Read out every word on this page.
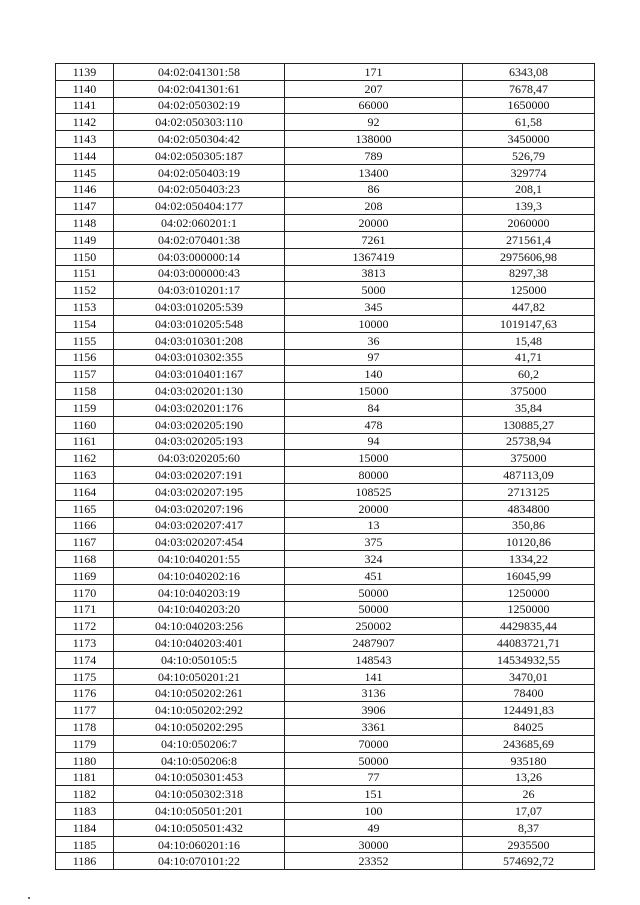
1139	04:02:041301:58	171	6343,08
1140	04:02:041301:61	207	7678,47
1141	04:02:050302:19	66000	1650000
1142	04:02:050303:110	92	61,58
1143	04:02:050304:42	138000	3450000
1144	04:02:050305:187	789	526,79
1145	04:02:050403:19	13400	329774
1146	04:02:050403:23	86	208,1
1147	04:02:050404:177	208	139,3
1148	04:02:060201:1	20000	2060000
1149	04:02:070401:38	7261	271561,4
1150	04:03:000000:14	1367419	2975606,98
1151	04:03:000000:43	3813	8297,38
1152	04:03:010201:17	5000	125000
1153	04:03:010205:539	345	447,82
1154	04:03:010205:548	10000	1019147,63
1155	04:03:010301:208	36	15,48
1156	04:03:010302:355	97	41,71
1157	04:03:010401:167	140	60,2
1158	04:03:020201:130	15000	375000
1159	04:03:020201:176	84	35,84
1160	04:03:020205:190	478	130885,27
1161	04:03:020205:193	94	25738,94
1162	04:03:020205:60	15000	375000
1163	04:03:020207:191	80000	487113,09
1164	04:03:020207:195	108525	2713125
1165	04:03:020207:196	20000	4834800
1166	04:03:020207:417	13	350,86
1167	04:03:020207:454	375	10120,86
1168	04:10:040201:55	324	1334,22
1169	04:10:040202:16	451	16045,99
1170	04:10:040203:19	50000	1250000
1171	04:10:040203:20	50000	1250000
1172	04:10:040203:256	250002	4429835,44
1173	04:10:040203:401	2487907	44083721,71
1174	04:10:050105:5	148543	14534932,55
1175	04:10:050201:21	141	3470,01
1176	04:10:050202:261	3136	78400
1177	04:10:050202:292	3906	124491,83
1178	04:10:050202:295	3361	84025
1179	04:10:050206:7	70000	243685,69
1180	04:10:050206:8	50000	935180
1181	04:10:050301:453	77	13,26
1182	04:10:050302:318	151	26
1183	04:10:050501:201	100	17,07
1184	04:10:050501:432	49	8,37
1185	04:10:060201:16	30000	2935500
1186	04:10:070101:22	23352	574692,72
